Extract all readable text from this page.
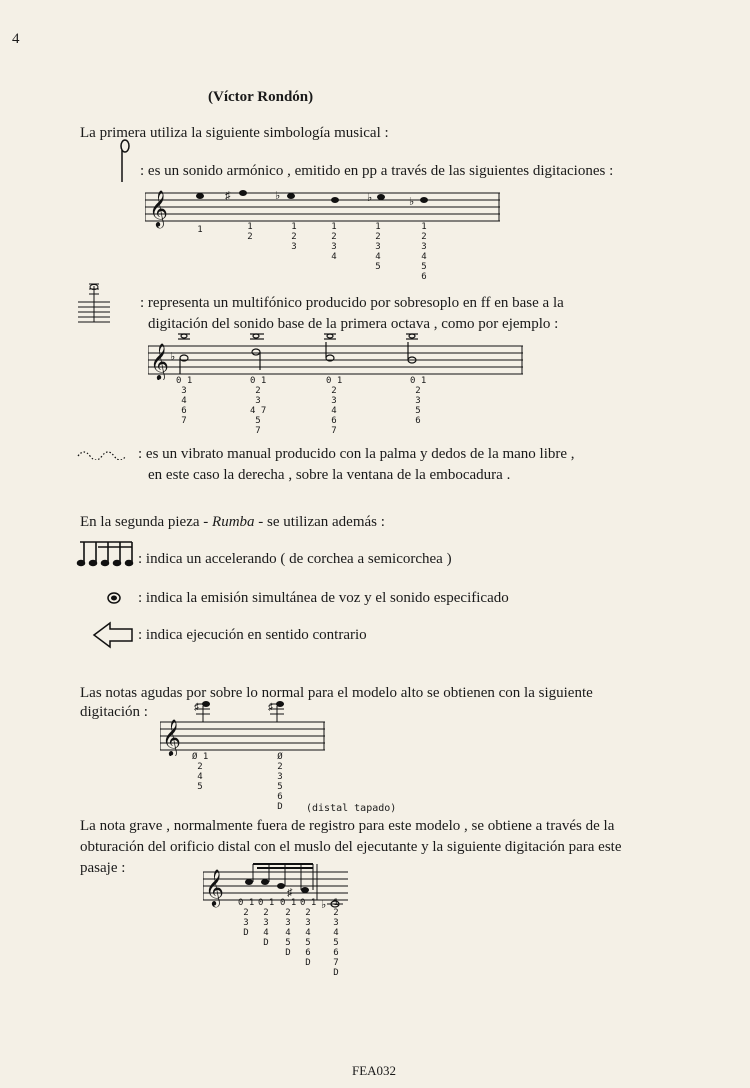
4
(Víctor Rondón)
La primera utiliza la siguiente simbología musical :
: es un sonido armónico , emitido en pp a través de las siguientes digitaciones :
𝄞	♯	♭	♭	♭
1	1
2
1
2
3
1
2
3
4
1
2
3
4
5
1
2
3
4
5
6
: representa un multifónico producido por sobresoplo en ff en base a la
digitación del sonido base de la primera octava , como por ejemplo :
𝄞 ♭
0 1
3
4
6
7
0 1
2
3
4 7
5
7
0 1
2
3
4
6
7
0 1
2
3
5
6
: es un vibrato manual producido con la palma y dedos de la mano libre ,
en este caso la derecha , sobre la ventana de la embocadura .
En la segunda pieza - Rumba - se utilizan además :
: indica un accelerando ( de corchea a semicorchea )
: indica la emisión simultánea de voz y el sonido especificado
: indica ejecución en sentido contrario
Las notas agudas por sobre lo normal para el modelo alto se obtienen con la siguiente
digitación :
𝄞
♯	♯
Ø 1
2
4
5
Ø
2
3
5
6
D	(distal tapado)
La nota grave , normalmente fuera de registro para este modelo , se obtiene a través de la
obturación del orificio distal con el muslo del ejecutante y la siguiente digitación para este
pasaje : 𝄞	♯
♭
0 1
2
3
D
0 1
2
3
4
D
0 1
2
3
4
5
D
0 1
2
3
4
5
6
D
1
2
3
4
5
6
7
D
FEA032
